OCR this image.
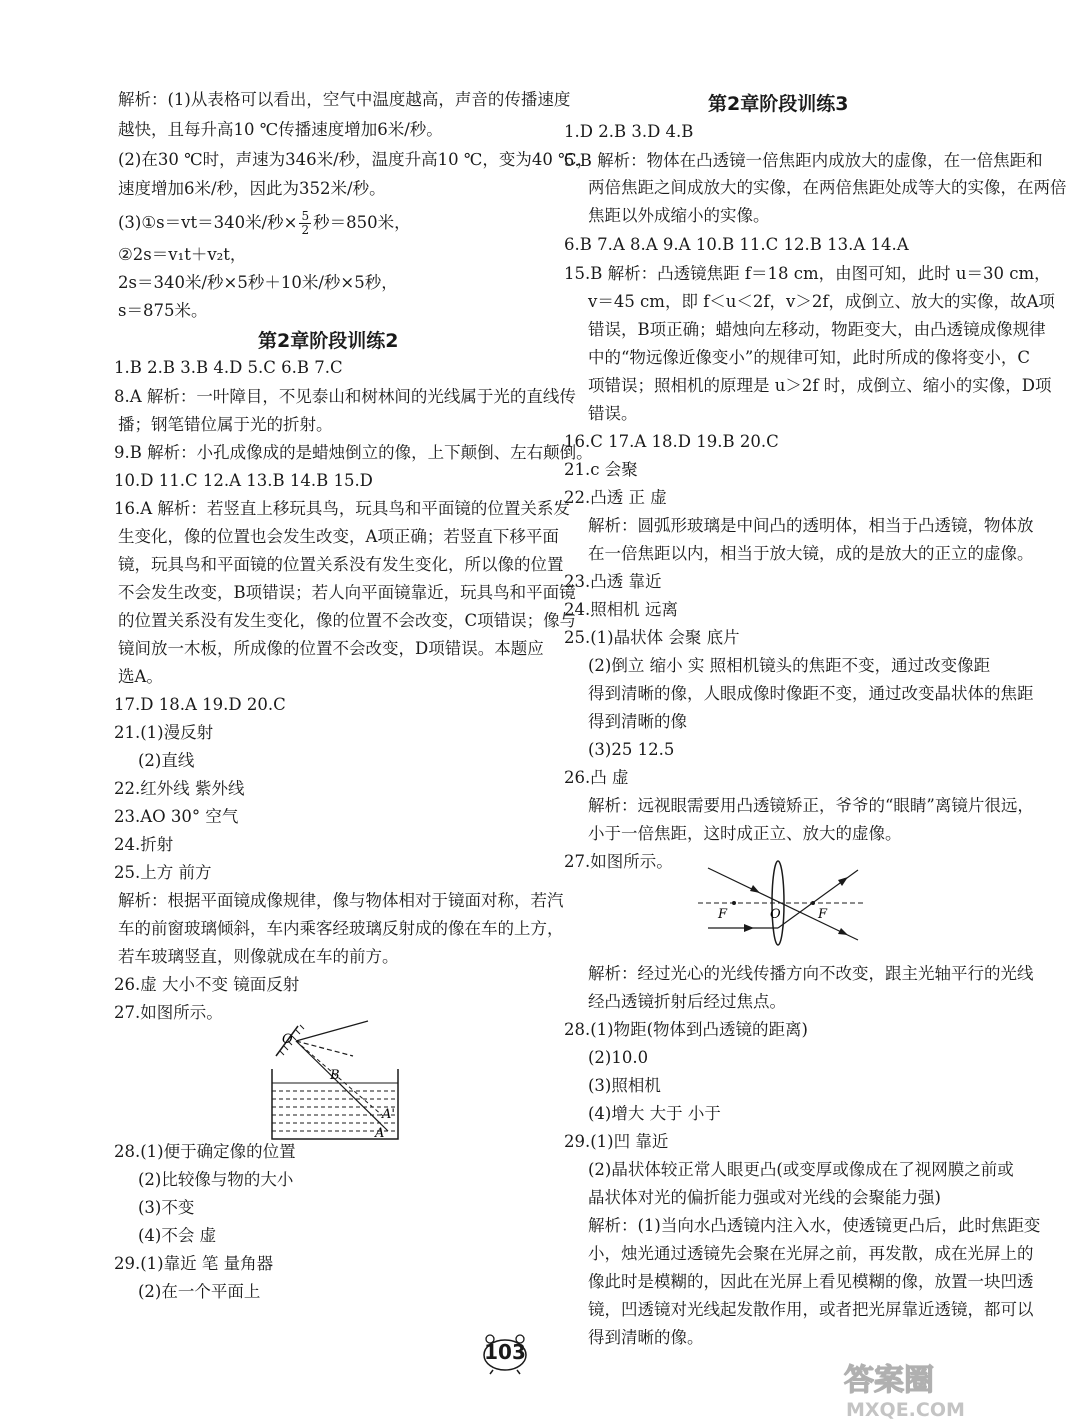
解析：(1)从表格可以看出，空气中温度越高，声音的传播速度
越快，且每升高10 ℃传播速度增加6米/秒。
(2)在30 ℃时，声速为346米/秒，温度升高10 ℃，变为40 ℃，
速度增加6米/秒，因此为352米/秒。
(3)①s＝vt＝340米/秒× $\frac{5}{2}$ 秒＝850米，
②2s＝v₁t＋v₂t，
2s＝340米/秒×5秒＋10米/秒×5秒，
s＝875米。
第2章阶段训练2
1.B 2.B 3.B 4.D 5.C 6.B 7.C
8.A 解析：一叶障目，不见泰山和树林间的光线属于光的直线传
播；钢笔错位属于光的折射。
9.B 解析：小孔成像成的是蜡烛倒立的像，上下颠倒、左右颠倒。
10.D 11.C 12.A 13.B 14.B 15.D
16.A 解析：若竖直上移玩具鸟，玩具鸟和平面镜的位置关系发
生变化，像的位置也会发生改变，A项正确；若竖直下移平面
镜，玩具鸟和平面镜的位置关系没有发生变化，所以像的位置
不会发生改变，B项错误；若人向平面镜靠近，玩具鸟和平面镜
的位置关系没有发生变化，像的位置不会改变，C项错误；像与
镜间放一木板，所成像的位置不会改变，D项错误。本题应
选A。
17.D 18.A 19.D 20.C
21.(1)漫反射
(2)直线
22.红外线 紫外线
23.AO 30° 空气
24.折射
25.上方 前方
解析：根据平面镜成像规律，像与物体相对于镜面对称，若汽
车的前窗玻璃倾斜，车内乘客经玻璃反射成的像在车的上方，
若车玻璃竖直，则像就成在车的前方。
26.虚 大小不变 镜面反射
27.如图所示。
O
B
A'
A
28.(1)便于确定像的位置
(2)比较像与物的大小
(3)不变
(4)不会 虚
29.(1)靠近 笔 量角器
(2)在一个平面上
第2章阶段训练3
1.D 2.B 3.D 4.B
5.B 解析：物体在凸透镜一倍焦距内成放大的虚像，在一倍焦距和
两倍焦距之间成放大的实像，在两倍焦距处成等大的实像，在两倍
焦距以外成缩小的实像。
6.B 7.A 8.A 9.A 10.B 11.C 12.B 13.A 14.A
15.B 解析：凸透镜焦距 f＝18 cm，由图可知，此时 u＝30 cm，
v＝45 cm，即 f＜u＜2f，v＞2f，成倒立、放大的实像，故A项
错误，B项正确；蜡烛向左移动，物距变大，由凸透镜成像规律
中的“物远像近像变小”的规律可知，此时所成的像将变小，C
项错误；照相机的原理是 u＞2f 时，成倒立、缩小的实像，D项
错误。
16.C 17.A 18.D 19.B 20.C
21.c 会聚
22.凸透 正 虚
解析：圆弧形玻璃是中间凸的透明体，相当于凸透镜，物体放
在一倍焦距以内，相当于放大镜，成的是放大的正立的虚像。
23.凸透 靠近
24.照相机 远离
25.(1)晶状体 会聚 底片
(2)倒立 缩小 实 照相机镜头的焦距不变，通过改变像距
得到清晰的像，人眼成像时像距不变，通过改变晶状体的焦距
得到清晰的像
(3)25 12.5
26.凸 虚
解析：远视眼需要用凸透镜矫正，爷爷的“眼睛”离镜片很远，
小于一倍焦距，这时成正立、放大的虚像。
27.如图所示。
F	O	F
解析：经过光心的光线传播方向不改变，跟主光轴平行的光线
经凸透镜折射后经过焦点。
28.(1)物距(物体到凸透镜的距离)
(2)10.0
(3)照相机
(4)增大 大于 小于
29.(1)凹 靠近
(2)晶状体较正常人眼更凸(或变厚或像成在了视网膜之前或
晶状体对光的偏折能力强或对光线的会聚能力强)
解析：(1)当向水凸透镜内注入水，使透镜更凸后，此时焦距变
小，烛光通过透镜先会聚在光屏之前，再发散，成在光屏上的
像此时是模糊的，因此在光屏上看见模糊的像，放置一块凹透
镜，凹透镜对光线起发散作用，或者把光屏靠近透镜，都可以
得到清晰的像。
103
答案圈
MXQE.COM
